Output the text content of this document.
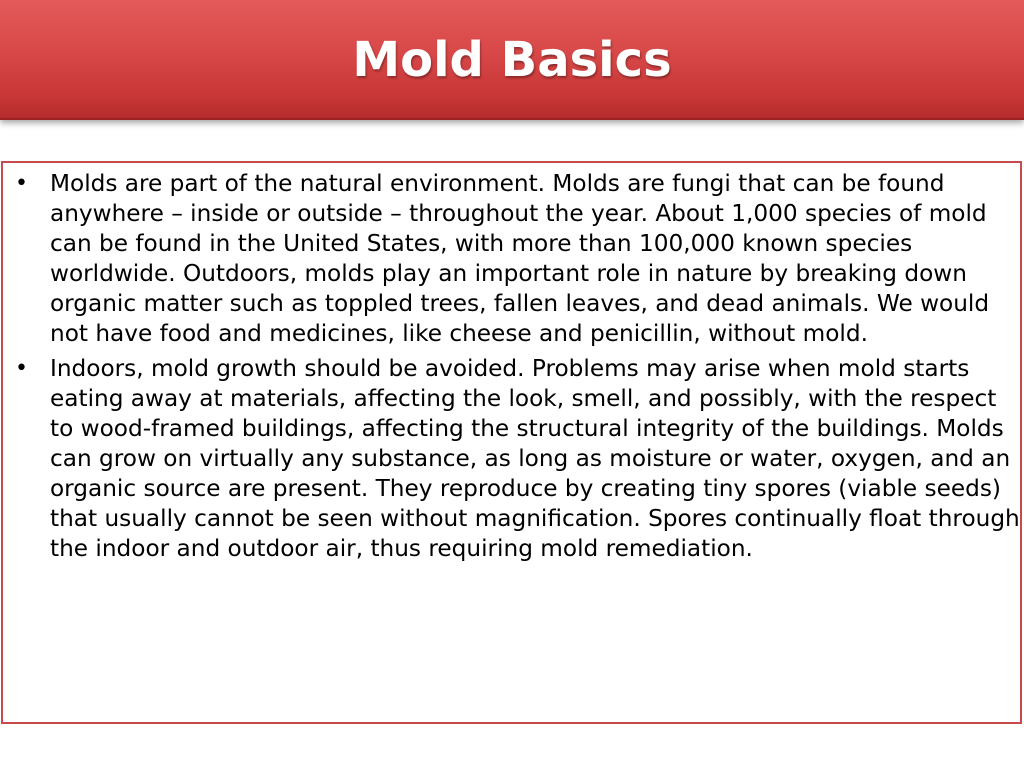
Mold Basics
• Molds are part of the natural environment. Molds are fungi that can be found anywhere – inside or outside – throughout the year. About 1,000 species of mold can be found in the United States, with more than 100,000 known species worldwide. Outdoors, molds play an important role in nature by breaking down organic matter such as toppled trees, fallen leaves, and dead animals. We would not have food and medicines, like cheese and penicillin, without mold.
• Indoors, mold growth should be avoided. Problems may arise when mold starts eating away at materials, affecting the look, smell, and possibly, with the respect to wood-framed buildings, affecting the structural integrity of the buildings. Molds can grow on virtually any substance, as long as moisture or water, oxygen, and an organic source are present. They reproduce by creating tiny spores (viable seeds) that usually cannot be seen without magnification. Spores continually float through the indoor and outdoor air, thus requiring mold remediation.
